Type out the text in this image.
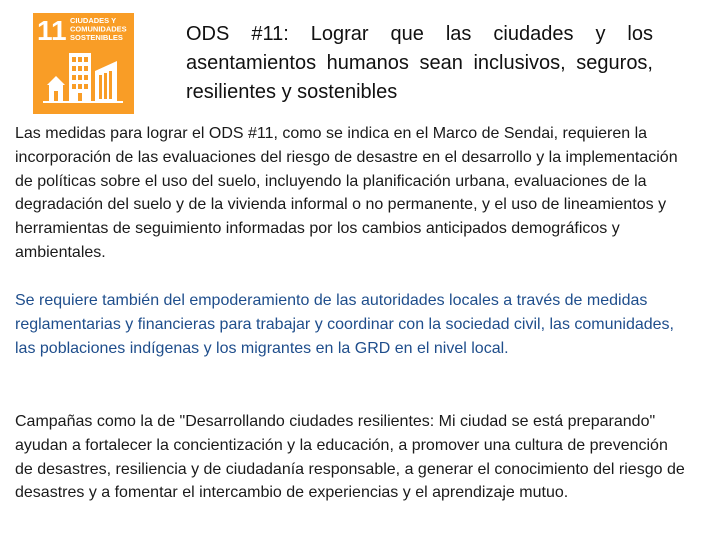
11 CIUDADES Y
COMUNIDADES
SOSTENIBLES	ODS #11: Lograr que las ciudades y los asentamientos humanos sean inclusivos, seguros, resilientes y sostenibles

Las medidas para lograr el ODS #11, como se indica en el Marco de Sendai, requieren la incorporación de las evaluaciones del riesgo de desastre en el desarrollo y la implementación de políticas sobre el uso del suelo, incluyendo la planificación urbana, evaluaciones de la degradación del suelo y de la vivienda informal o no permanente, y el uso de lineamientos y herramientas de seguimiento informadas por los cambios anticipados demográficos y ambientales.

Se requiere también del empoderamiento de las autoridades locales a través de medidas reglamentarias y financieras para trabajar y coordinar con la sociedad civil, las comunidades, las poblaciones indígenas y los migrantes en la GRD en el nivel local.

Campañas como la de "Desarrollando ciudades resilientes: Mi ciudad se está preparando" ayudan a fortalecer la concientización y la educación, a promover una cultura de prevención de desastres, resiliencia y de ciudadanía responsable, a generar el conocimiento del riesgo de desastres y a fomentar el intercambio de experiencias y el aprendizaje mutuo.
